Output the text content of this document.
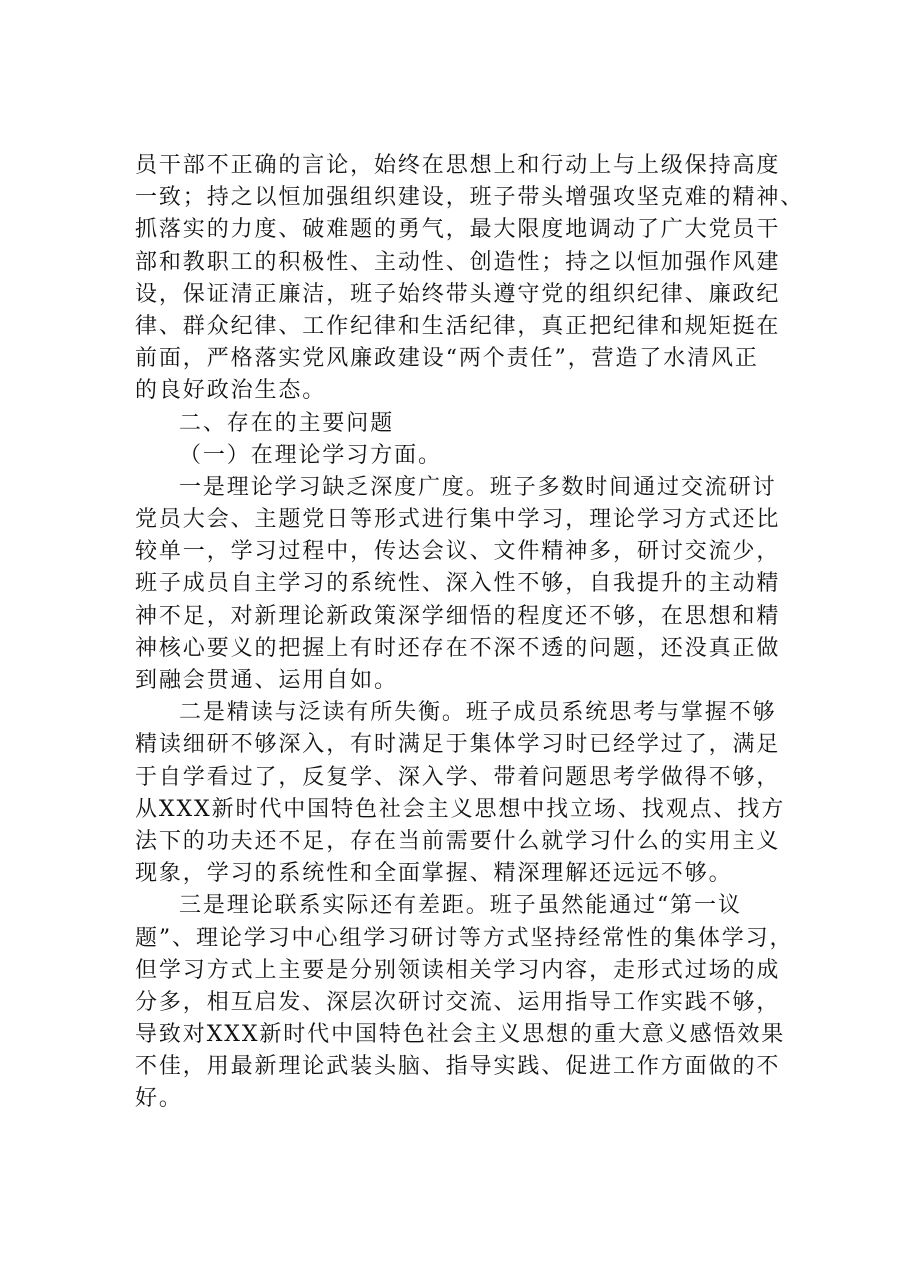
员干部不正确的言论，始终在思想上和行动上与上级保持高度
一致；持之以恒加强组织建设，班子带头增强攻坚克难的精神、
抓落实的力度、破难题的勇气，最大限度地调动了广大党员干
部和教职工的积极性、主动性、创造性；持之以恒加强作风建
设，保证清正廉洁，班子始终带头遵守党的组织纪律、廉政纪
律、群众纪律、工作纪律和生活纪律，真正把纪律和规矩挺在
前面，严格落实党风廉政建设“两个责任”，营造了水清风正
的良好政治生态。
二、存在的主要问题
（一）在理论学习方面。
一是理论学习缺乏深度广度。班子多数时间通过交流研讨
党员大会、主题党日等形式进行集中学习，理论学习方式还比
较单一，学习过程中，传达会议、文件精神多，研讨交流少，
班子成员自主学习的系统性、深入性不够，自我提升的主动精
神不足，对新理论新政策深学细悟的程度还不够，在思想和精
神核心要义的把握上有时还存在不深不透的问题，还没真正做
到融会贯通、运用自如。
二是精读与泛读有所失衡。班子成员系统思考与掌握不够
精读细研不够深入，有时满足于集体学习时已经学过了，满足
于自学看过了，反复学、深入学、带着问题思考学做得不够，
从XXX新时代中国特色社会主义思想中找立场、找观点、找方
法下的功夫还不足，存在当前需要什么就学习什么的实用主义
现象，学习的系统性和全面掌握、精深理解还远远不够。
三是理论联系实际还有差距。班子虽然能通过“第一议
题”、理论学习中心组学习研讨等方式坚持经常性的集体学习，
但学习方式上主要是分别领读相关学习内容，走形式过场的成
分多，相互启发、深层次研讨交流、运用指导工作实践不够，
导致对XXX新时代中国特色社会主义思想的重大意义感悟效果
不佳，用最新理论武装头脑、指导实践、促进工作方面做的不
好。
